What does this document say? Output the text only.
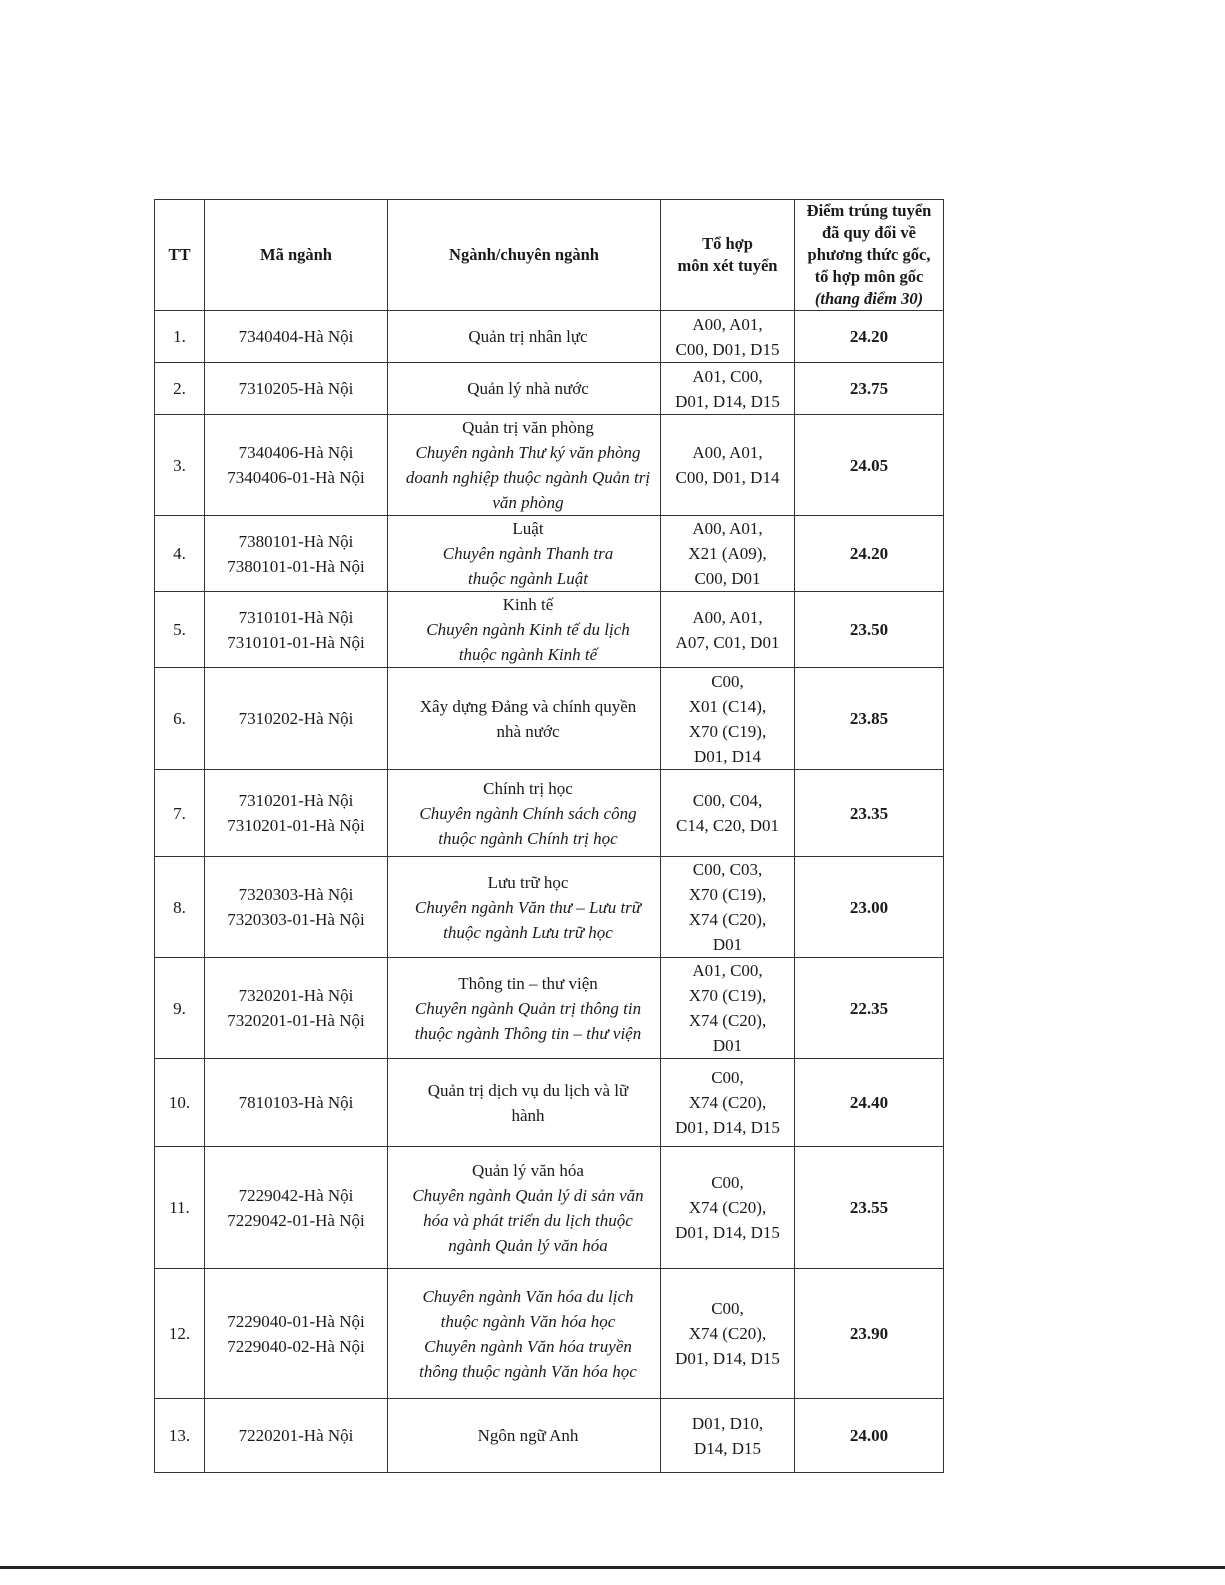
TT	Mã ngành	Ngành/chuyên ngành	Tổ hợp
môn xét tuyển	Điểm trúng tuyển
đã quy đổi về
phương thức gốc,
tổ hợp môn gốc
(thang điểm 30)

1.	7340404-Hà Nội	Quản trị nhân lực	A00, A01,
C00, D01, D15	24.20
2.	7310205-Hà Nội	Quản lý nhà nước	A01, C00,
D01, D14, D15	23.75
3.	7340406-Hà Nội
7340406-01-Hà Nội	Quản trị văn phòng
Chuyên ngành Thư ký văn phòng
doanh nghiệp thuộc ngành Quản trị
văn phòng	A00, A01,
C00, D01, D14	24.05
4.	7380101-Hà Nội
7380101-01-Hà Nội	Luật
Chuyên ngành Thanh tra
thuộc ngành Luật	A00, A01,
X21 (A09),
C00, D01	24.20
5.	7310101-Hà Nội
7310101-01-Hà Nội	Kinh tế
Chuyên ngành Kinh tế du lịch
thuộc ngành Kinh tế	A00, A01,
A07, C01, D01	23.50
6.	7310202-Hà Nội	Xây dựng Đảng và chính quyền
nhà nước	C00,
X01 (C14),
X70 (C19),
D01, D14	23.85
7.	7310201-Hà Nội
7310201-01-Hà Nội	Chính trị học
Chuyên ngành Chính sách công
thuộc ngành Chính trị học	C00, C04,
C14, C20, D01	23.35
8.	7320303-Hà Nội
7320303-01-Hà Nội	Lưu trữ học
Chuyên ngành Văn thư – Lưu trữ
thuộc ngành Lưu trữ học	C00, C03,
X70 (C19),
X74 (C20),
D01	23.00
9.	7320201-Hà Nội
7320201-01-Hà Nội	Thông tin – thư viện
Chuyên ngành Quản trị thông tin
thuộc ngành Thông tin – thư viện	A01, C00,
X70 (C19),
X74 (C20),
D01	22.35
10.	7810103-Hà Nội	Quản trị dịch vụ du lịch và lữ
hành	C00,
X74 (C20),
D01, D14, D15	24.40
11.	7229042-Hà Nội
7229042-01-Hà Nội	Quản lý văn hóa
Chuyên ngành Quản lý di sản văn
hóa và phát triển du lịch thuộc
ngành Quản lý văn hóa	C00,
X74 (C20),
D01, D14, D15	23.55
12.	7229040-01-Hà Nội
7229040-02-Hà Nội	Chuyên ngành Văn hóa du lịch
thuộc ngành Văn hóa học
Chuyên ngành Văn hóa truyền
thông thuộc ngành Văn hóa học	C00,
X74 (C20),
D01, D14, D15	23.90
13.	7220201-Hà Nội	Ngôn ngữ Anh	D01, D10,
D14, D15	24.00
